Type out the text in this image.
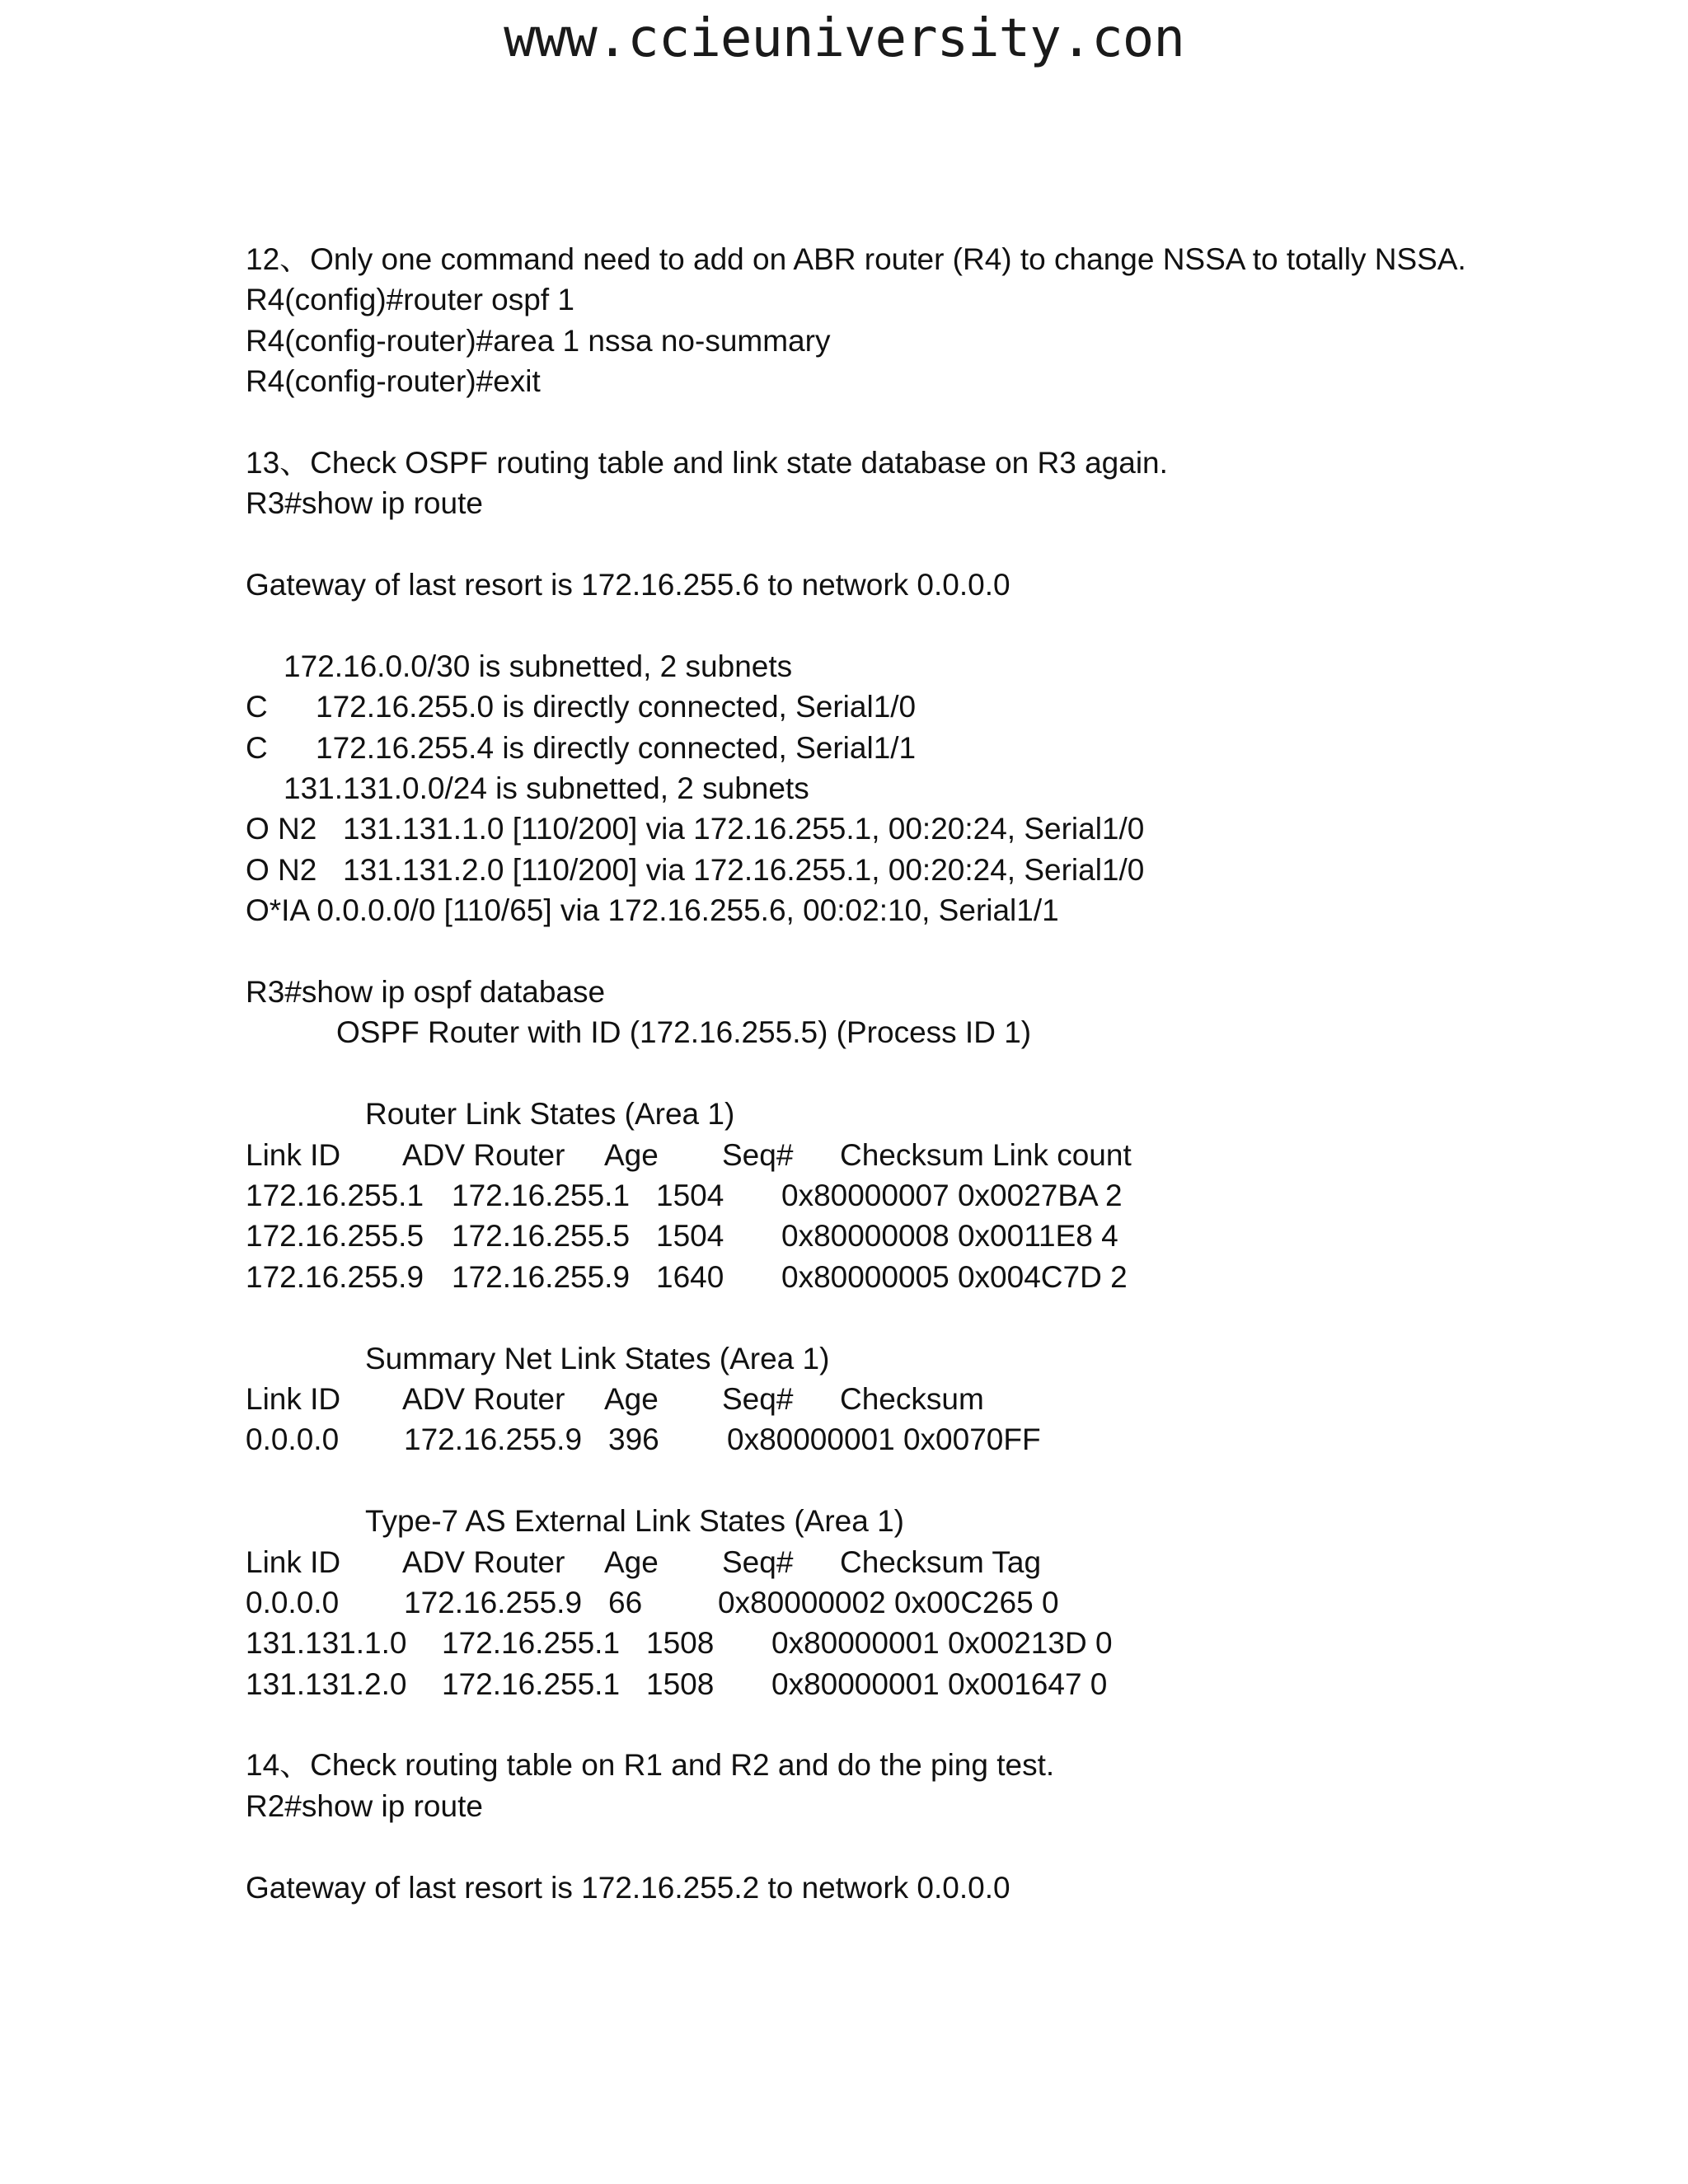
www.ccieuniversity.con
12、Only one command need to add on ABR router (R4) to change NSSA to totally NSSA.
R4(config)#router ospf 1
R4(config-router)#area 1 nssa no-summary
R4(config-router)#exit
13、Check OSPF routing table and link state database on R3 again.
R3#show ip route
Gateway of last resort is 172.16.255.6 to network 0.0.0.0
172.16.0.0/30 is subnetted, 2 subnets
C 172.16.255.0 is directly connected, Serial1/0
C 172.16.255.4 is directly connected, Serial1/1
131.131.0.0/24 is subnetted, 2 subnets
O N2 131.131.1.0 [110/200] via 172.16.255.1, 00:20:24, Serial1/0
O N2 131.131.2.0 [110/200] via 172.16.255.1, 00:20:24, Serial1/0
O*IA 0.0.0.0/0 [110/65] via 172.16.255.6, 00:02:10, Serial1/1
R3#show ip ospf database
OSPF Router with ID (172.16.255.5) (Process ID 1)
Router Link States (Area 1)
Link ID ADV Router Age Seq# Checksum Link count
172.16.255.1 172.16.255.1 1504 0x80000007 0x0027BA 2
172.16.255.5 172.16.255.5 1504 0x80000008 0x0011E8 4
172.16.255.9 172.16.255.9 1640 0x80000005 0x004C7D 2
Summary Net Link States (Area 1)
Link ID ADV Router Age Seq# Checksum
0.0.0.0 172.16.255.9 396 0x80000001 0x0070FF
Type-7 AS External Link States (Area 1)
Link ID ADV Router Age Seq# Checksum Tag
0.0.0.0 172.16.255.9 66 0x80000002 0x00C265 0
131.131.1.0 172.16.255.1 1508 0x80000001 0x00213D 0
131.131.2.0 172.16.255.1 1508 0x80000001 0x001647 0
14、Check routing table on R1 and R2 and do the ping test.
R2#show ip route
Gateway of last resort is 172.16.255.2 to network 0.0.0.0
